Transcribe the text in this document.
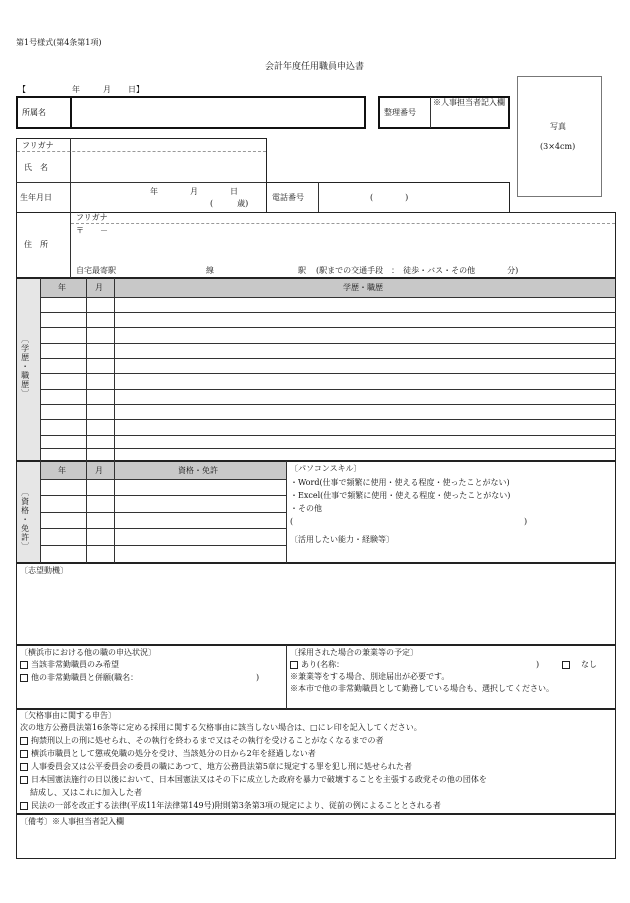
第1号様式(第4条第1項)
会計年度任用職員申込書
【	年	月 日】
所属名	整理番号
※人事担当者記入欄
写真
(3×4cm)
フリガナ
氏　名
生年月日
年	月	日
(　　　歳)
電話番号	(　　　　)
フリガナ
住　所
〒　　－
自宅最寄駅	線	駅 (駅までの交通手段　：　徒歩・バス・その他　　　　分)
〔学歴・職歴〕
年	月	学歴・職歴
〔資格・免許〕
年	月	資格・免許	〔パソコンスキル〕
・Word(仕事で頻繁に使用・使える程度・使ったことがない)
・Excel(仕事で頻繁に使用・使える程度・使ったことがない)
・その他
(	)
〔活用したい能力・経験等〕
〔志望動機〕
〔横浜市における他の職の申込状況〕
当該非常勤職員のみ希望
他の非常勤職員と併願(職名：	)
〔採用された場合の兼業等の予定〕
あり(名称：	)	なし
※兼業等をする場合、別途届出が必要です。
※本市で他の非常勤職員として勤務している場合も、選択してください。
〔欠格事由に関する申告〕
次の地方公務員法第16条等に定める採用に関する欠格事由に該当しない場合は、□にレ印を記入してください。
拘禁刑以上の刑に処せられ、その執行を終わるまで又はその執行を受けることがなくなるまでの者
横浜市職員として懲戒免職の処分を受け、当該処分の日から2年を経過しない者
人事委員会又は公平委員会の委員の職にあつて、地方公務員法第5章に規定する罪を犯し刑に処せられた者
日本国憲法施行の日以後において、日本国憲法又はその下に成立した政府を暴力で破壊することを主張する政党その他の団体を
結成し、又はこれに加入した者
民法の一部を改正する法律(平成11年法律第149号)附則第3条第3項の規定により、従前の例によることとされる者
〔備考〕※人事担当者記入欄
